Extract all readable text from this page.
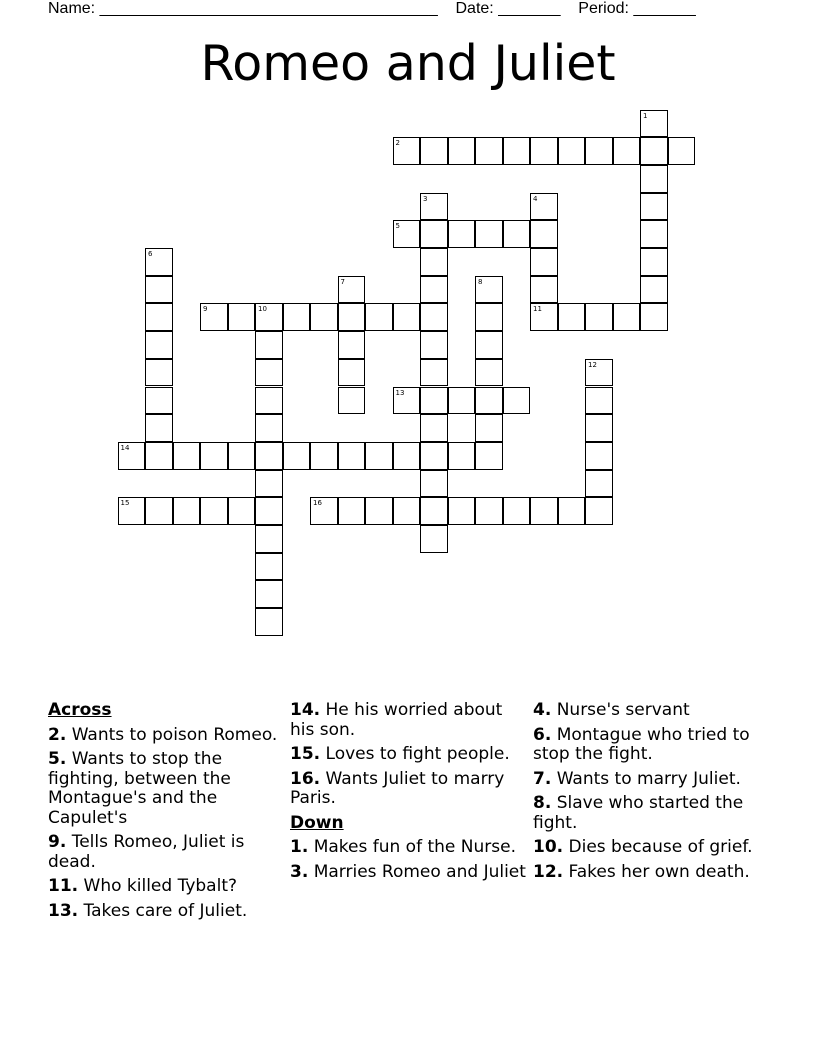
Name: ______________________________________ Date: _______ Period: _______
Romeo and Juliet
1
2
3	4
5
6
7	8
9	10	11
12
13
14
15	16
Across
2. Wants to poison Romeo.
5. Wants to stop the fighting, between the Montague's and the Capulet's
9. Tells Romeo, Juliet is dead.
11. Who killed Tybalt?
13. Takes care of Juliet.
14. He his worried about his son.
15. Loves to fight people.
16. Wants Juliet to marry Paris.
Down
1. Makes fun of the Nurse.
3. Marries Romeo and Juliet
4. Nurse's servant
6. Montague who tried to stop the fight.
7. Wants to marry Juliet.
8. Slave who started the fight.
10. Dies because of grief.
12. Fakes her own death.
